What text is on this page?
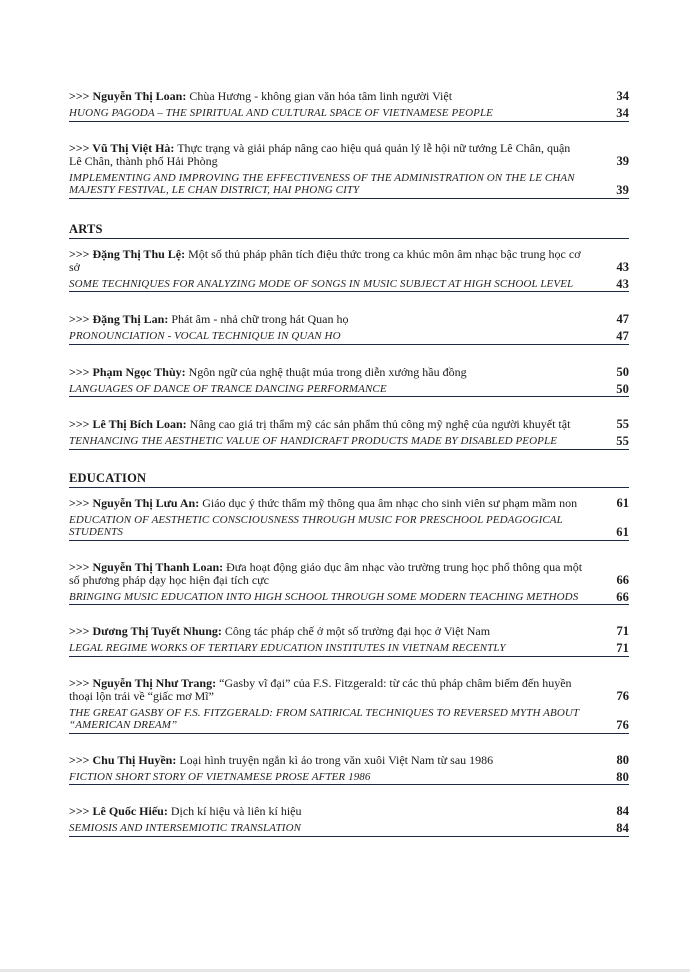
>>> Nguyễn Thị Loan: Chùa Hương - không gian văn hóa tâm linh người Việt	34
HUONG PAGODA – THE SPIRITUAL AND CULTURAL SPACE OF VIETNAMESE PEOPLE	34
>>> Vũ Thị Việt Hà: Thực trạng và giải pháp nâng cao hiệu quả quản lý lễ hội nữ tướng Lê Chân, quận Lê Chân, thành phố Hải Phòng	39
IMPLEMENTING AND IMPROVING THE EFFECTIVENESS OF THE ADMINISTRATION ON THE LE CHAN MAJESTY FESTIVAL, LE CHAN DISTRICT, HAI PHONG CITY	39
ARTS
>>> Đặng Thị Thu Lệ: Một số thủ pháp phân tích điệu thức trong ca khúc môn âm nhạc bậc trung học cơ sở	43
SOME TECHNIQUES FOR ANALYZING MODE OF SONGS IN MUSIC SUBJECT AT HIGH SCHOOL LEVEL	43
>>> Đặng Thị Lan: Phát âm - nhả chữ trong hát Quan họ	47
PRONOUNCIATION - VOCAL TECHNIQUE IN QUAN HO	47
>>> Phạm Ngọc Thùy: Ngôn ngữ của nghệ thuật múa trong diễn xướng hầu đồng	50
LANGUAGES OF DANCE OF TRANCE DANCING PERFORMANCE	50
>>> Lê Thị Bích Loan: Nâng cao giá trị thẩm mỹ các sản phẩm thủ công mỹ nghệ của người khuyết tật	55
TENHANCING THE AESTHETIC VALUE OF HANDICRAFT PRODUCTS MADE BY DISABLED PEOPLE	55
EDUCATION
>>> Nguyễn Thị Lưu An: Giáo dục ý thức thẩm mỹ thông qua âm nhạc cho sinh viên sư phạm mầm non	61
EDUCATION OF AESTHETIC CONSCIOUSNESS THROUGH MUSIC FOR PRESCHOOL PEDAGOGICAL STUDENTS	61
>>> Nguyễn Thị Thanh Loan: Đưa hoạt động giáo dục âm nhạc vào trường trung học phổ thông qua một số phương pháp dạy học hiện đại tích cực	66
BRINGING MUSIC EDUCATION INTO HIGH SCHOOL THROUGH SOME MODERN TEACHING METHODS	66
>>> Dương Thị Tuyết Nhung: Công tác pháp chế ở một số trường đại học ở Việt Nam	71
LEGAL REGIME WORKS OF TERTIARY EDUCATION INSTITUTES IN VIETNAM RECENTLY	71
>>> Nguyễn Thị Như Trang: “Gasby vĩ đại” của F.S. Fitzgerald: từ các thủ pháp châm biếm đến huyền thoại lộn trái về “giấc mơ Mĩ”	76
THE GREAT GASBY OF F.S. FITZGERALD: FROM SATIRICAL TECHNIQUES TO REVERSED MYTH ABOUT “AMERICAN DREAM”	76
>>> Chu Thị Huyền: Loại hình truyện ngắn kì ảo trong văn xuôi Việt Nam từ sau 1986	80
FICTION SHORT STORY OF VIETNAMESE PROSE AFTER 1986	80
>>> Lê Quốc Hiếu: Dịch kí hiệu và liên kí hiệu	84
SEMIOSIS AND INTERSEMIOTIC TRANSLATION	84
